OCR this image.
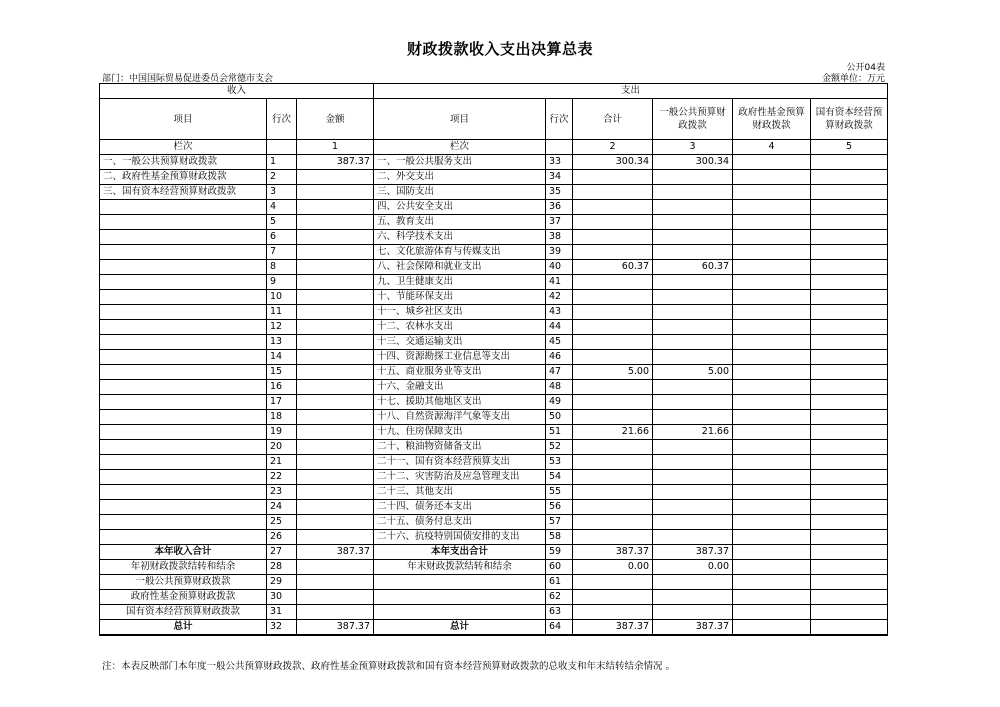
财政拨款收入支出决算总表
公开04表
部门：中国国际贸易促进委员会常德市支会	金额单位：万元
收入			支出					
项目	行次	金额	项目	行次	合计	一般公共预算财政拨款	政府性基金预算财政拨款	国有资本经营预算财政拨款
栏次		1	栏次		2	3	4	5
一、一般公共预算财政拨款	1	387.37	一、一般公共服务支出	33	300.34	300.34		
二、政府性基金预算财政拨款	2		二、外交支出	34				
三、国有资本经营预算财政拨款	3		三、国防支出	35				
	4		四、公共安全支出	36				
	5		五、教育支出	37				
	6		六、科学技术支出	38				
	7		七、文化旅游体育与传媒支出	39				
	8		八、社会保障和就业支出	40	60.37	60.37		
	9		九、卫生健康支出	41				
	10		十、节能环保支出	42				
	11		十一、城乡社区支出	43				
	12		十二、农林水支出	44				
	13		十三、交通运输支出	45				
	14		十四、资源勘探工业信息等支出	46				
	15		十五、商业服务业等支出	47	5.00	5.00		
	16		十六、金融支出	48				
	17		十七、援助其他地区支出	49				
	18		十八、自然资源海洋气象等支出	50				
	19		十九、住房保障支出	51	21.66	21.66		
	20		二十、粮油物资储备支出	52				
	21		二十一、国有资本经营预算支出	53				
	22		二十二、灾害防治及应急管理支出	54				
	23		二十三、其他支出	55				
	24		二十四、债务还本支出	56				
	25		二十五、债务付息支出	57				
	26		二十六、抗疫特别国债安排的支出	58				
本年收入合计	27	387.37	本年支出合计	59	387.37	387.37		
年初财政拨款结转和结余	28		年末财政拨款结转和结余	60	0.00	0.00		
一般公共预算财政拨款	29			61				
政府性基金预算财政拨款	30			62				
国有资本经营预算财政拨款	31			63				
总计	32	387.37	总计	64	387.37	387.37		
注：本表反映部门本年度一般公共预算财政拨款、政府性基金预算财政拨款和国有资本经营预算财政拨款的总收支和年末结转结余情况 。
